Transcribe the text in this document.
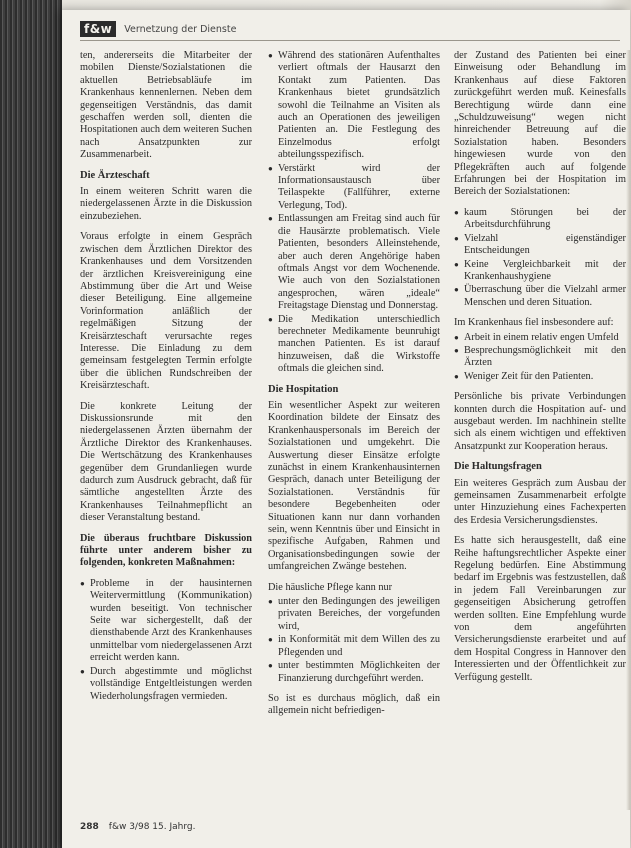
f&w	Vernetzung der Dienste

ten, andererseits die Mitarbeiter der mobilen Dienste/Sozialstationen die aktuellen Betriebsabläufe im Krankenhaus kennenlernen. Neben dem gegenseitigen Verständnis, das damit geschaffen werden soll, dienten die Hospitationen auch dem weiteren Suchen nach Ansatzpunkten zur Zusammenarbeit.

Die Ärzteschaft

In einem weiteren Schritt waren die niedergelassenen Ärzte in die Diskussion einzubeziehen.

Voraus erfolgte in einem Gespräch zwischen dem Ärztlichen Direktor des Krankenhauses und dem Vorsitzenden der ärztlichen Kreisvereinigung eine Abstimmung über die Art und Weise dieser Beteiligung. Eine allgemeine Vorinformation anläßlich der regelmäßigen Sitzung der Kreisärzteschaft verursachte reges Interesse. Die Einladung zu dem gemeinsam festgelegten Termin erfolgte über die üblichen Rundschreiben der Kreisärzteschaft.

Die konkrete Leitung der Diskussionsrunde mit den niedergelassenen Ärzten übernahm der Ärztliche Direktor des Krankenhauses. Die Wertschätzung des Krankenhauses gegenüber dem Grundanliegen wurde dadurch zum Ausdruck gebracht, daß für sämtliche angestellten Ärzte des Krankenhauses Teilnahmepflicht an dieser Veranstaltung bestand.

Die überaus fruchtbare Diskussion führte unter anderem bisher zu folgenden, konkreten Maßnahmen:

● Probleme in der hausinternen Weitervermittlung (Kommunikation) wurden beseitigt. Von technischer Seite war sichergestellt, daß der diensthabende Arzt des Krankenhauses unmittelbar vom niedergelassenen Arzt erreicht werden kann.
● Durch abgestimmte und möglichst vollständige Entgeltleistungen werden Wiederholungsfragen vermieden.
● Während des stationären Aufenthaltes verliert oftmals der Hausarzt den Kontakt zum Patienten. Das Krankenhaus bietet grundsätzlich sowohl die Teilnahme an Visiten als auch an Operationen des jeweiligen Patienten an. Die Festlegung des Einzelmodus erfolgt abteilungsspezifisch.
● Verstärkt wird der Informationsaustausch über Teilaspekte (Fallführer, externe Verlegung, Tod).
● Entlassungen am Freitag sind auch für die Hausärzte problematisch. Viele Patienten, besonders Alleinstehende, aber auch deren Angehörige haben oftmals Angst vor dem Wochenende. Wie auch von den Sozialstationen angesprochen, wären „ideale“ Freitagstage Dienstag und Donnerstag.
● Die Medikation unterschiedlich berechneter Medikamente beunruhigt manchen Patienten. Es ist darauf hinzuweisen, daß die Wirkstoffe oftmals die gleichen sind.
Die Hospitation

Ein wesentlicher Aspekt zur weiteren Koordination bildete der Einsatz des Krankenhauspersonals im Bereich der Sozialstationen und umgekehrt. Die Auswertung dieser Einsätze erfolgte zunächst in einem Krankenhausinternen Gespräch, danach unter Beteiligung der Sozialstationen. Verständnis für besondere Begebenheiten oder Situationen kann nur dann vorhanden sein, wenn Kenntnis über und Einsicht in spezifische Aufgaben, Rahmen und Organisationsbedingungen sowie der umfangreichen Zwänge bestehen.

Die häusliche Pflege kann nur

● unter den Bedingungen des jeweiligen privaten Bereiches, der vorgefunden wird,
● in Konformität mit dem Willen des zu Pflegenden und
● unter bestimmten Möglichkeiten der Finanzierung durchgeführt werden.

So ist es durchaus möglich, daß ein allgemein nicht befriedigen-

der Zustand des Patienten bei einer Einweisung oder Behandlung im Krankenhaus auf diese Faktoren zurückgeführt werden muß. Keinesfalls Berechtigung würde dann eine „Schuldzuweisung“ wegen nicht hinreichender Betreuung auf die Sozialstation haben. Besonders hingewiesen wurde von den Pflegekräften auch auf folgende Erfahrungen bei der Hospitation im Bereich der Sozialstationen:

● kaum Störungen bei der Arbeitsdurchführung
● Vielzahl eigenständiger Entscheidungen
● Keine Vergleichbarkeit mit der Krankenhaushygiene
● Überraschung über die Vielzahl armer Menschen und deren Situation.

Im Krankenhaus fiel insbesondere auf:

● Arbeit in einem relativ engen Umfeld
● Besprechungsmöglichkeit mit den Ärzten
● Weniger Zeit für den Patienten.

Persönliche bis private Verbindungen konnten durch die Hospitation auf- und ausgebaut werden. Im nachhinein stellte sich als einem wichtigen und effektiven Ansatzpunkt zur Kooperation heraus.

Die Haltungsfragen

Ein weiteres Gespräch zum Ausbau der gemeinsamen Zusammenarbeit erfolgte unter Hinzuziehung eines Fachexperten des Erdesia Versicherungsdienstes.

Es hatte sich herausgestellt, daß eine Reihe haftungsrechtlicher Aspekte einer Regelung bedürfen. Eine Abstimmung bedarf im Ergebnis was festzustellen, daß in jedem Fall Vereinbarungen zur gegenseitigen Absicherung getroffen werden sollten. Eine Empfehlung wurde von dem angeführten Versicherungsdienste erarbeitet und auf dem Hospital Congress in Hannover den Interessierten und der Öffentlichkeit zur Verfügung gestellt.

288 f&w 3/98 15. Jahrg.
